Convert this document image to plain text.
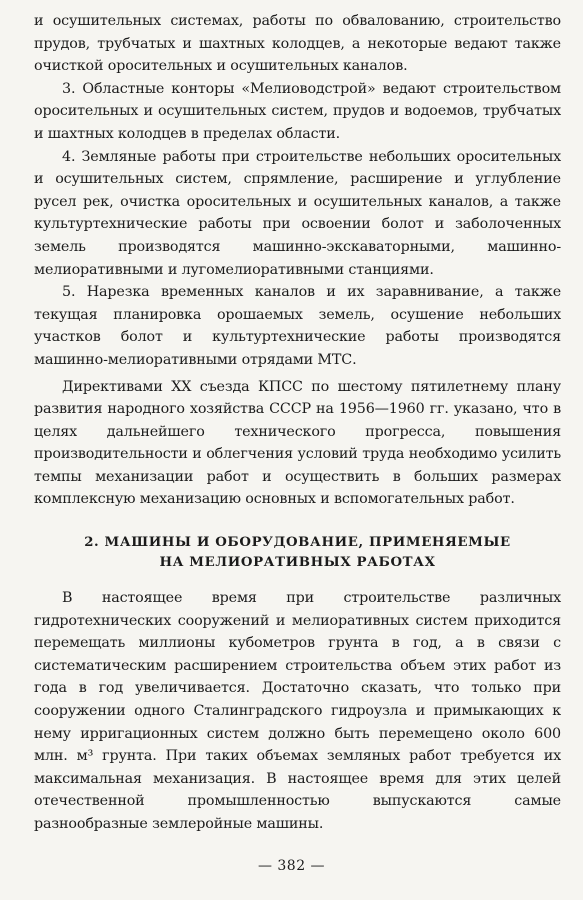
и осушительных системах, работы по обвалованию, строительство прудов, трубчатых и шахтных колодцев, а некоторые ведают также очисткой оросительных и осушительных каналов.

3. Областные конторы «Мелиоводстрой» ведают строительством оросительных и осушительных систем, прудов и водоемов, трубчатых и шахтных колодцев в пределах области.

4. Земляные работы при строительстве небольших оросительных и осушительных систем, спрямление, расширение и углубление русел рек, очистка оросительных и осушительных каналов, а также культуртехнические работы при освоении болот и заболоченных земель производятся машинно-экскаваторными, машинно-мелиоративными и лугомелиоративными станциями.

5. Нарезка временных каналов и их заравнивание, а также текущая планировка орошаемых земель, осушение небольших участков болот и культуртехнические работы производятся машинно-мелиоративными отрядами МТС.

Директивами XX съезда КПСС по шестому пятилетнему плану развития народного хозяйства СССР на 1956—1960 гг. указано, что в целях дальнейшего технического прогресса, повышения производительности и облегчения условий труда необходимо усилить темпы механизации работ и осуществить в больших размерах комплексную механизацию основных и вспомогательных работ.

2. МАШИНЫ И ОБОРУДОВАНИЕ, ПРИМЕНЯЕМЫЕ
НА МЕЛИОРАТИВНЫХ РАБОТАХ

В настоящее время при строительстве различных гидротехнических сооружений и мелиоративных систем приходится перемещать миллионы кубометров грунта в год, а в связи с систематическим расширением строительства объем этих работ из года в год увеличивается. Достаточно сказать, что только при сооружении одного Сталинградского гидроузла и примыкающих к нему ирригационных систем должно быть перемещено около 600 млн. м³ грунта. При таких объемах земляных работ требуется их максимальная механизация. В настоящее время для этих целей отечественной промышленностью выпускаются самые разнообразные землеройные машины.

— 382 —
